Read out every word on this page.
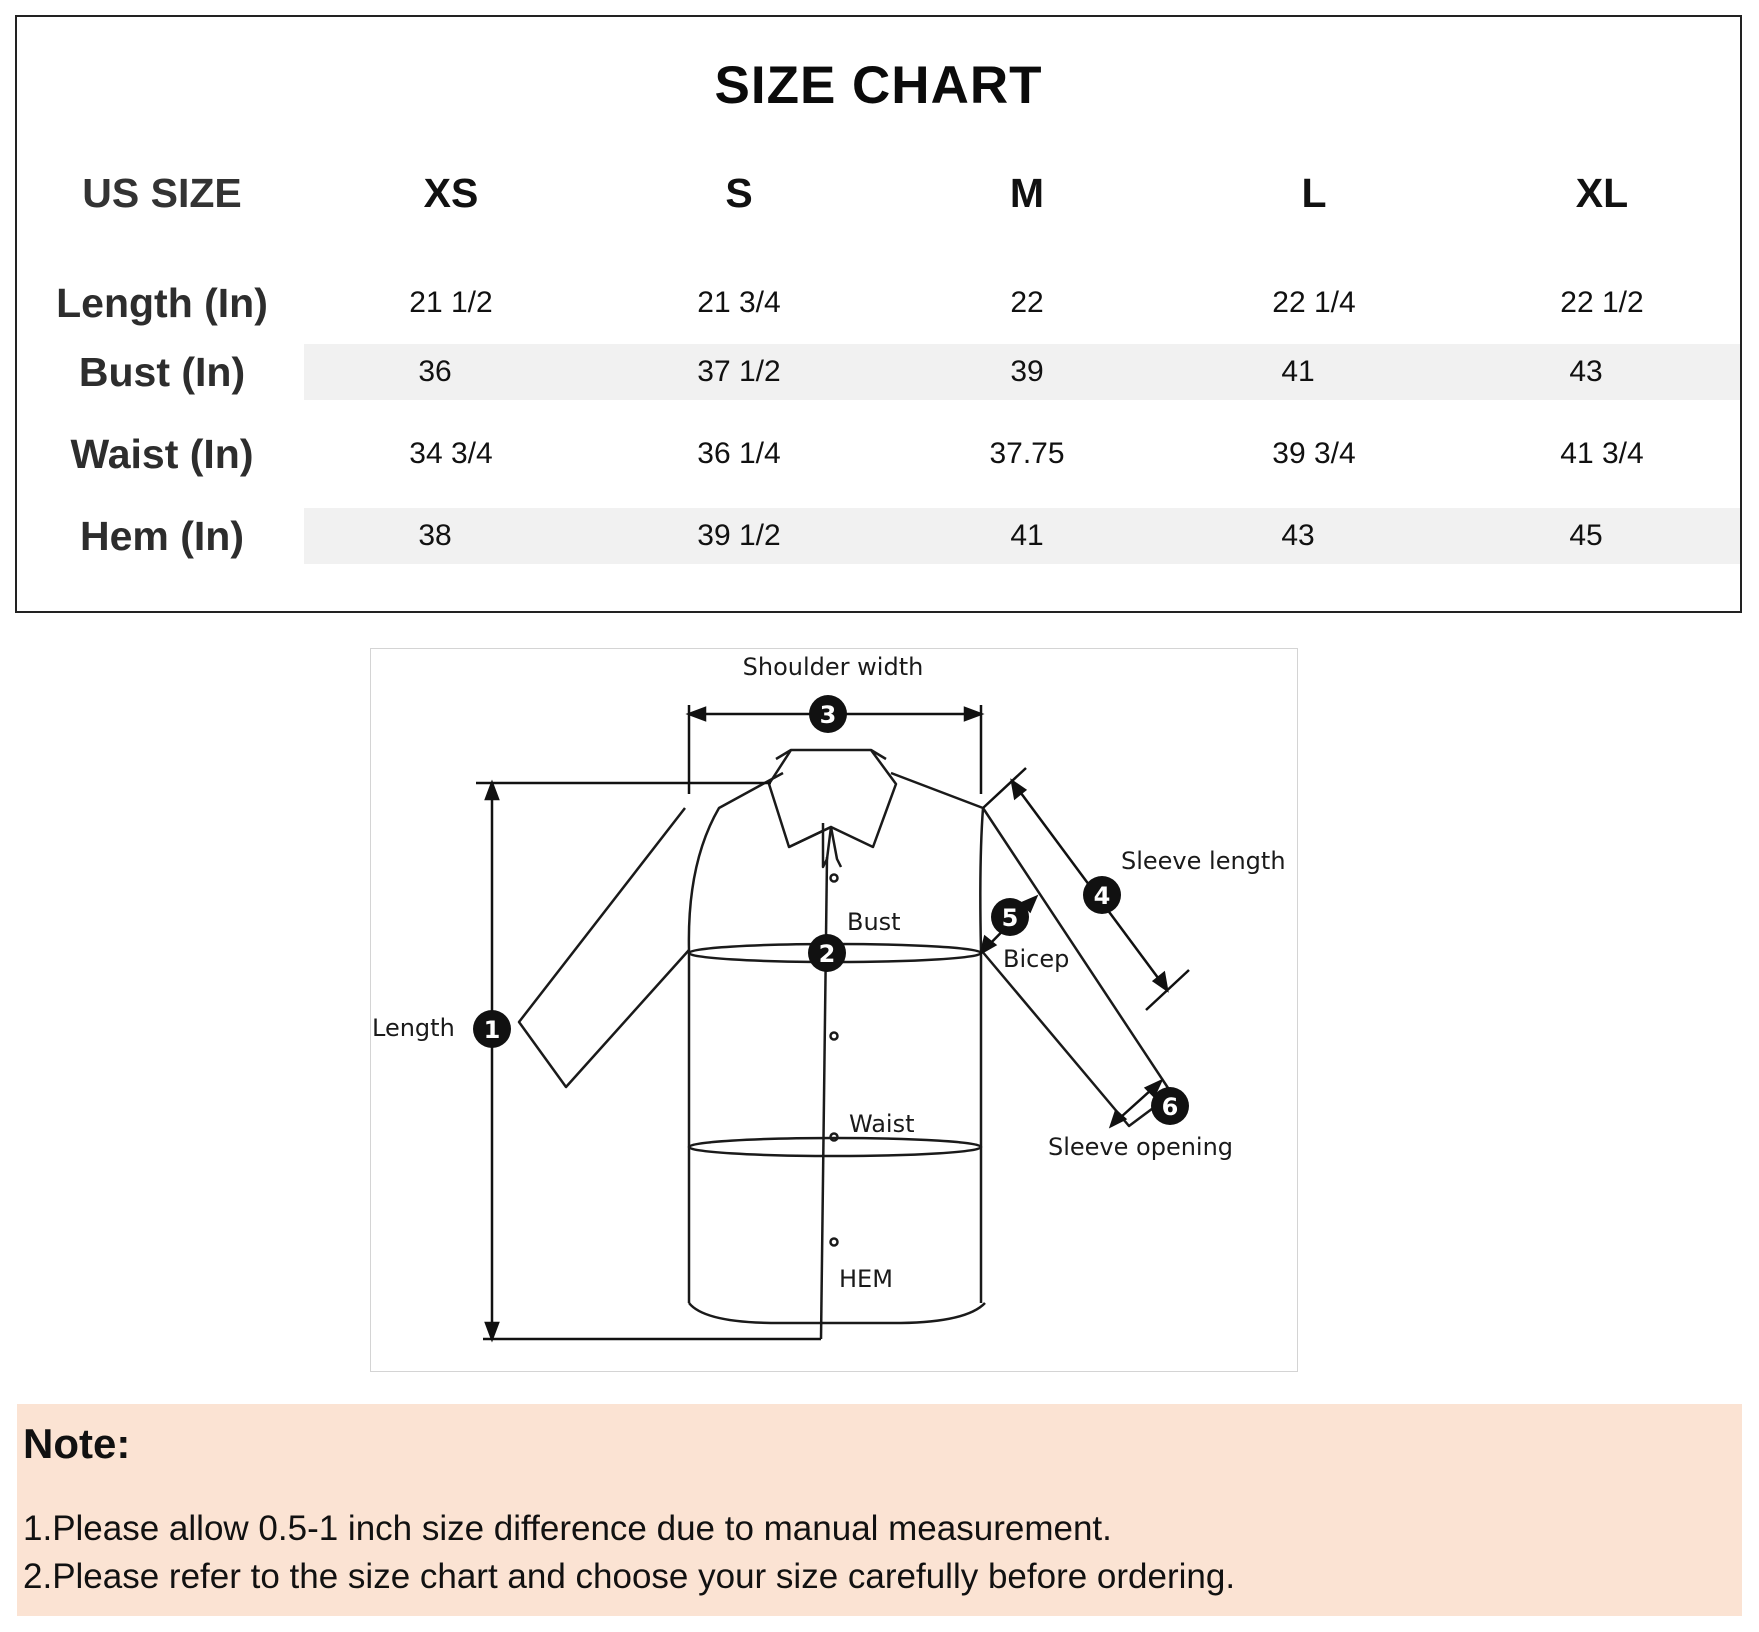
SIZE CHART
US SIZE	XS	S	M	L	XL
Length (In)	21 1/2	21 3/4	22	22 1/4	22 1/2
Bust (In)	36	37 1/2	39	41	43
Waist (In)	34 3/4	36 1/4	37.75	39 3/4	41 3/4
Hem (In)	38	39 1/2	41	43	45
1
2
3
4
5
6
Shoulder width
Sleeve length
Bust
Bicep
Length
Waist
Sleeve opening
HEM
Note:
1.Please allow 0.5-1 inch size difference due to manual measurement.
2.Please refer to the size chart and choose your size carefully before ordering.
